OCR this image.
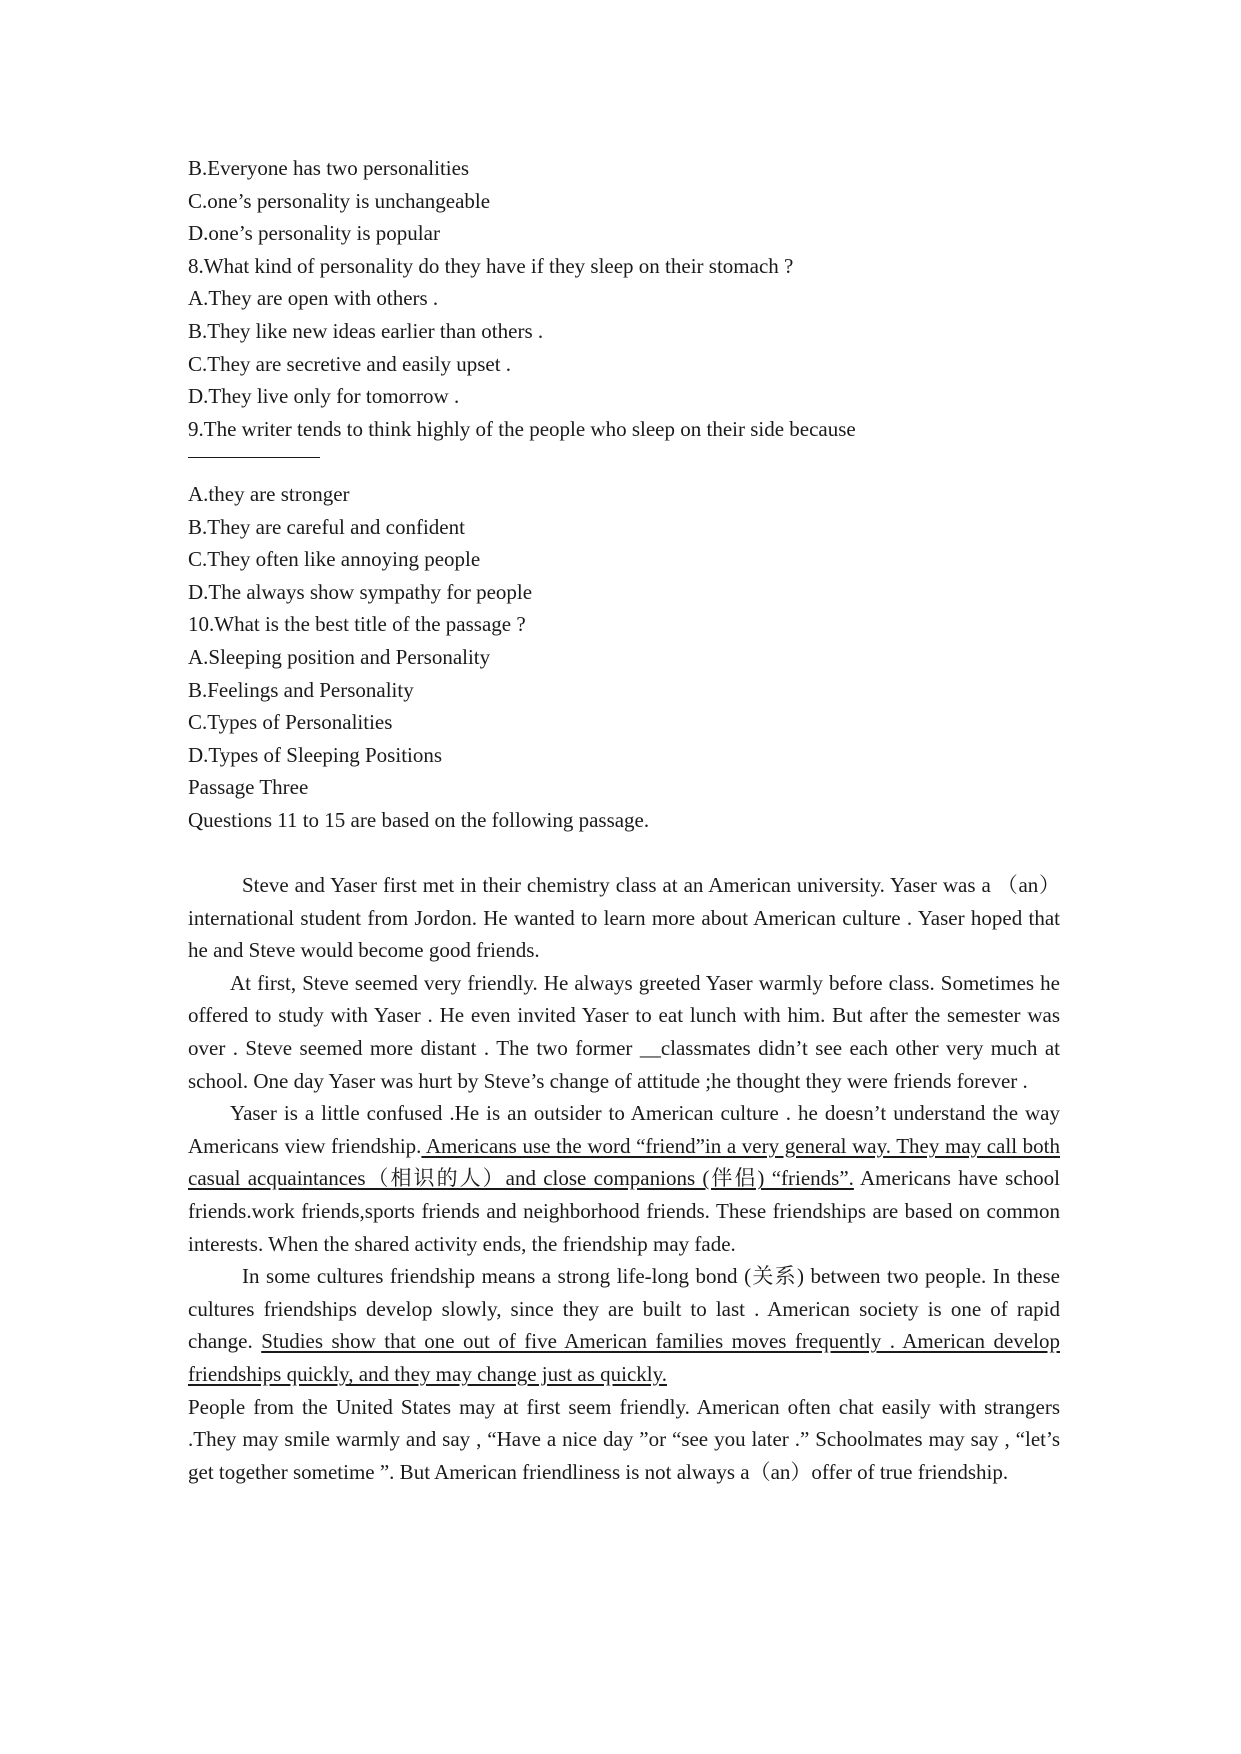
B.Everyone has two personalities
C.one’s personality is unchangeable
D.one’s personality is popular
8.What kind of personality do they have if they sleep on their stomach ?
A.They are open with others .
B.They like new ideas earlier than others .
C.They are secretive and easily upset .
D.They live only for tomorrow .
9.The writer tends to think highly of the people who sleep on their side because
A.they are stronger
B.They are careful and confident
C.They often like annoying people
D.The always show sympathy for people
10.What is the best title of the passage ?
A.Sleeping position and Personality
B.Feelings and Personality
C.Types of Personalities
D.Types of Sleeping Positions
Passage Three
Questions 11 to 15 are based on the following passage.

Steve and Yaser first met in their chemistry class at an American university. Yaser was a （an） international student from Jordon. He wanted to learn more about American culture . Yaser hoped that he and Steve would become good friends.

At first, Steve seemed very friendly. He always greeted Yaser warmly before class. Sometimes he offered to study with Yaser . He even invited Yaser to eat lunch with him. But after the semester was over . Steve seemed more distant . The two former __classmates didn’t see each other very much at school. One day Yaser was hurt by Steve’s change of attitude ;he thought they were friends forever .

Yaser is a little confused .He is an outsider to American culture . he doesn’t understand the way Americans view friendship. Americans use the word “friend”in a very general way. They may call both casual acquaintances（相识的人）and close companions (伴侣) “friends”. Americans have school friends.work friends,sports friends and neighborhood friends. These friendships are based on common interests. When the shared activity ends, the friendship may fade.

In some cultures friendship means a strong life-long bond (关系) between two people. In these cultures friendships develop slowly, since they are built to last . American society is one of rapid change. Studies show that one out of five American families moves frequently . American develop friendships quickly, and they may change just as quickly.

People from the United States may at first seem friendly. American often chat easily with strangers .They may smile warmly and say , “Have a nice day ”or “see you later .” Schoolmates may say , “let’s get together sometime ”. But American friendliness is not always a（an）offer of true friendship.
